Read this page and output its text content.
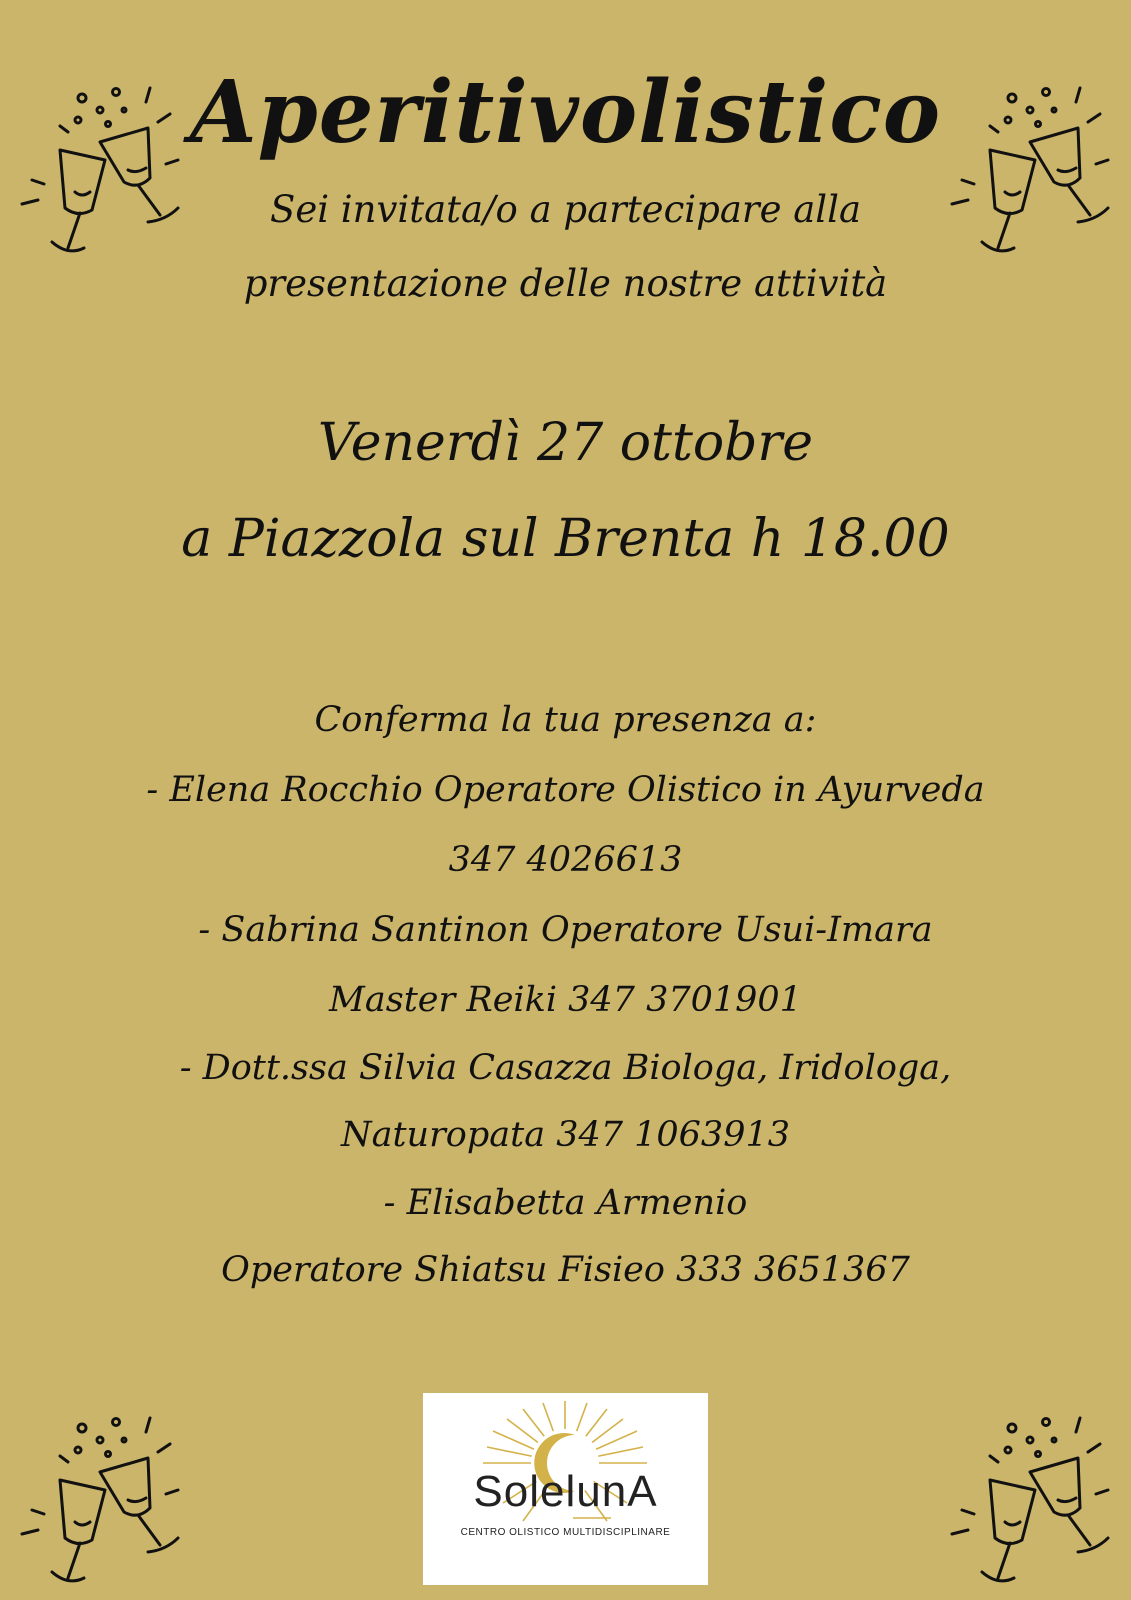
Aperitivolistico
Sei invitata/o a partecipare alla
presentazione delle nostre attività
Venerdì 27 ottobre
a Piazzola sul Brenta h 18.00
Conferma la tua presenza a:
- Elena Rocchio Operatore Olistico in Ayurveda
347 4026613
- Sabrina Santinon Operatore Usui-Imara
Master Reiki 347 3701901
- Dott.ssa Silvia Casazza Biologa, Iridologa,
Naturopata 347 1063913
- Elisabetta Armenio
Operatore Shiatsu Fisieo 333 3651367
SolelunA
CENTRO OLISTICO MULTIDISCIPLINARE
